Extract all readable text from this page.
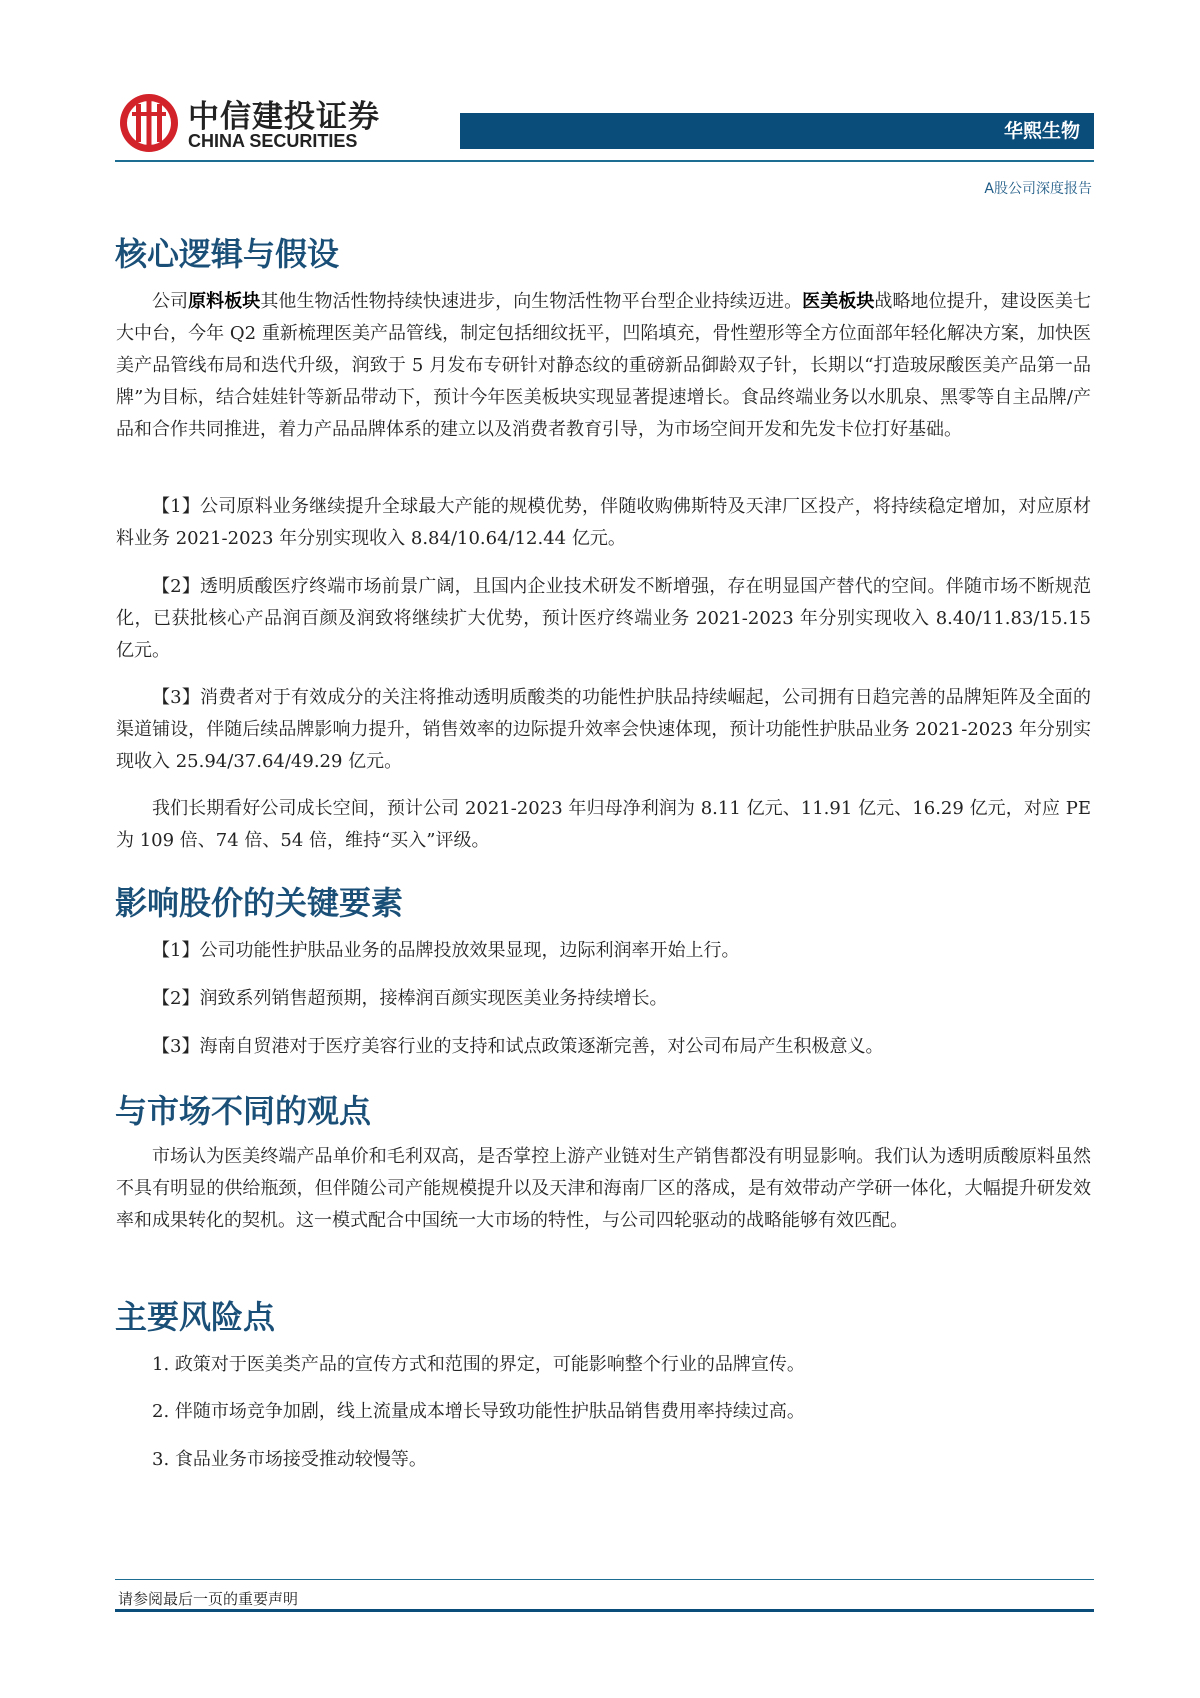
中信建投证券
CHINA SECURITIES	华熙生物
A股公司深度报告
核心逻辑与假设
公司原料板块其他生物活性物持续快速进步，向生物活性物平台型企业持续迈进。医美板块战略地位提升，建设医美七大中台，今年 Q2 重新梳理医美产品管线，制定包括细纹抚平，凹陷填充，骨性塑形等全方位面部年轻化解决方案，加快医美产品管线布局和迭代升级，润致于 5 月发布专研针对静态纹的重磅新品御龄双子针，长期以“打造玻尿酸医美产品第一品牌”为目标，结合娃娃针等新品带动下，预计今年医美板块实现显著提速增长。食品终端业务以水肌泉、黑零等自主品牌/产品和合作共同推进，着力产品品牌体系的建立以及消费者教育引导，为市场空间开发和先发卡位打好基础。
【1】公司原料业务继续提升全球最大产能的规模优势，伴随收购佛斯特及天津厂区投产，将持续稳定增加，对应原材料业务 2021-2023 年分别实现收入 8.84/10.64/12.44 亿元。
【2】透明质酸医疗终端市场前景广阔，且国内企业技术研发不断增强，存在明显国产替代的空间。伴随市场不断规范化，已获批核心产品润百颜及润致将继续扩大优势，预计医疗终端业务 2021-2023 年分别实现收入 8.40/11.83/15.15 亿元。
【3】消费者对于有效成分的关注将推动透明质酸类的功能性护肤品持续崛起，公司拥有日趋完善的品牌矩阵及全面的渠道铺设，伴随后续品牌影响力提升，销售效率的边际提升效率会快速体现，预计功能性护肤品业务 2021-2023 年分别实现收入 25.94/37.64/49.29 亿元。
我们长期看好公司成长空间，预计公司 2021-2023 年归母净利润为 8.11 亿元、11.91 亿元、16.29 亿元，对应 PE 为 109 倍、74 倍、54 倍，维持“买入”评级。
影响股价的关键要素
【1】公司功能性护肤品业务的品牌投放效果显现，边际利润率开始上行。
【2】润致系列销售超预期，接棒润百颜实现医美业务持续增长。
【3】海南自贸港对于医疗美容行业的支持和试点政策逐渐完善，对公司布局产生积极意义。
与市场不同的观点
市场认为医美终端产品单价和毛利双高，是否掌控上游产业链对生产销售都没有明显影响。我们认为透明质酸原料虽然不具有明显的供给瓶颈，但伴随公司产能规模提升以及天津和海南厂区的落成，是有效带动产学研一体化，大幅提升研发效率和成果转化的契机。这一模式配合中国统一大市场的特性，与公司四轮驱动的战略能够有效匹配。
主要风险点
1. 政策对于医美类产品的宣传方式和范围的界定，可能影响整个行业的品牌宣传。
2. 伴随市场竞争加剧，线上流量成本增长导致功能性护肤品销售费用率持续过高。
3. 食品业务市场接受推动较慢等。
请参阅最后一页的重要声明
